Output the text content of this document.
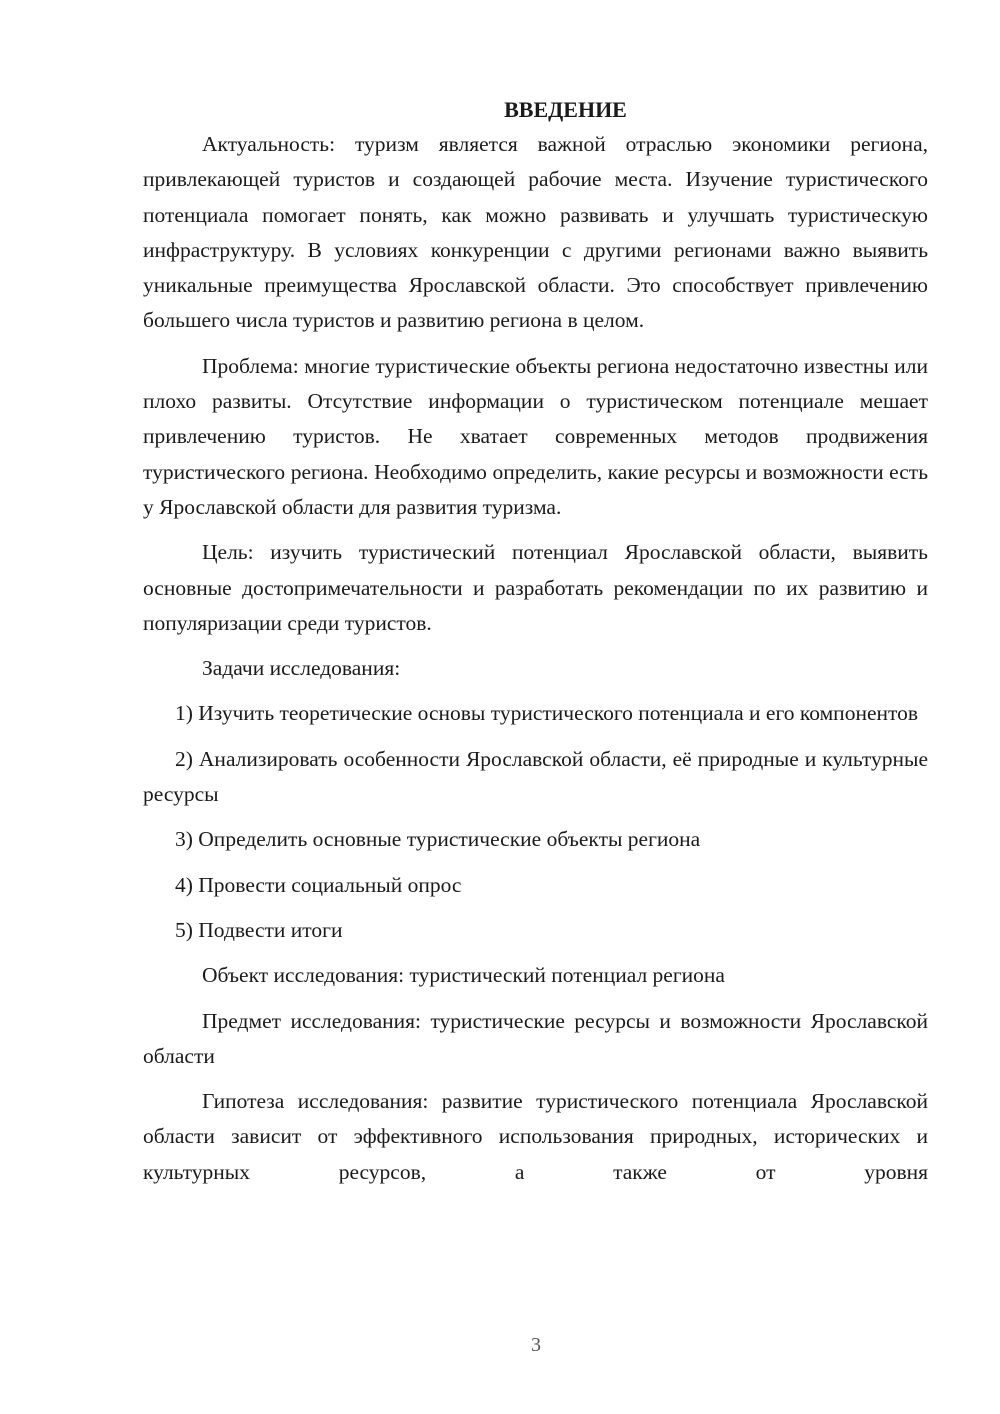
ВВЕДЕНИЕ

Актуальность: туризм является важной отраслью экономики региона, привлекающей туристов и создающей рабочие места. Изучение туристического потенциала помогает понять, как можно развивать и улучшать туристическую инфраструктуру. В условиях конкуренции с другими регионами важно выявить уникальные преимущества Ярославской области. Это способствует привлечению большего числа туристов и развитию региона в целом.

Проблема: многие туристические объекты региона недостаточно известны или плохо развиты. Отсутствие информации о туристическом потенциале мешает привлечению туристов. Не хватает современных методов продвижения туристического региона. Необходимо определить, какие ресурсы и возможности есть у Ярославской области для развития туризма.

Цель: изучить туристический потенциал Ярославской области, выявить основные достопримечательности и разработать рекомендации по их развитию и популяризации среди туристов.

Задачи исследования:

1) Изучить теоретические основы туристического потенциала и его компонентов

2) Анализировать особенности Ярославской области, её природные и культурные ресурсы

3) Определить основные туристические объекты региона

4) Провести социальный опрос

5) Подвести итоги

Объект исследования: туристический потенциал региона

Предмет исследования: туристические ресурсы и возможности Ярославской области

Гипотеза исследования: развитие туристического потенциала Ярославской области зависит от эффективного использования природных, исторических и культурных ресурсов, а также от уровня

3
